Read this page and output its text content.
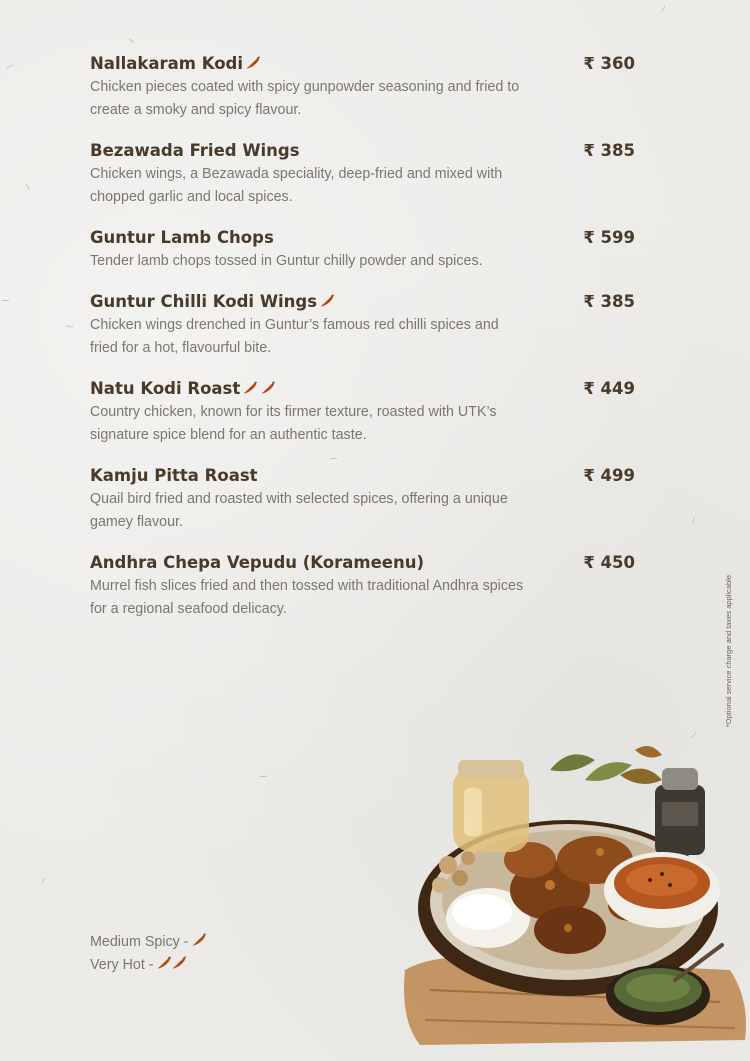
Nallakaram Kodi	₹ 360
Chicken pieces coated with spicy gunpowder seasoning and fried to create a smoky and spicy flavour.
Bezawada Fried Wings	₹ 385
Chicken wings, a Bezawada speciality, deep-fried and mixed with chopped garlic and local spices.
Guntur Lamb Chops	₹ 599
Tender lamb chops tossed in Guntur chilly powder and spices.
Guntur Chilli Kodi Wings	₹ 385
Chicken wings drenched in Guntur’s famous red chilli spices and fried for a hot, flavourful bite.
Natu Kodi Roast	₹ 449
Country chicken, known for its firmer texture, roasted with UTK’s signature spice blend for an authentic taste.
Kamju Pitta Roast	₹ 499
Quail bird fried and roasted with selected spices, offering a unique gamey flavour.
Andhra Chepa Vepudu (Korameenu)	₹ 450
Murrel fish slices fried and then tossed with traditional Andhra spices for a regional seafood delicacy.	*Optional service charge and taxes applicable
Medium Spicy -
Very Hot -
